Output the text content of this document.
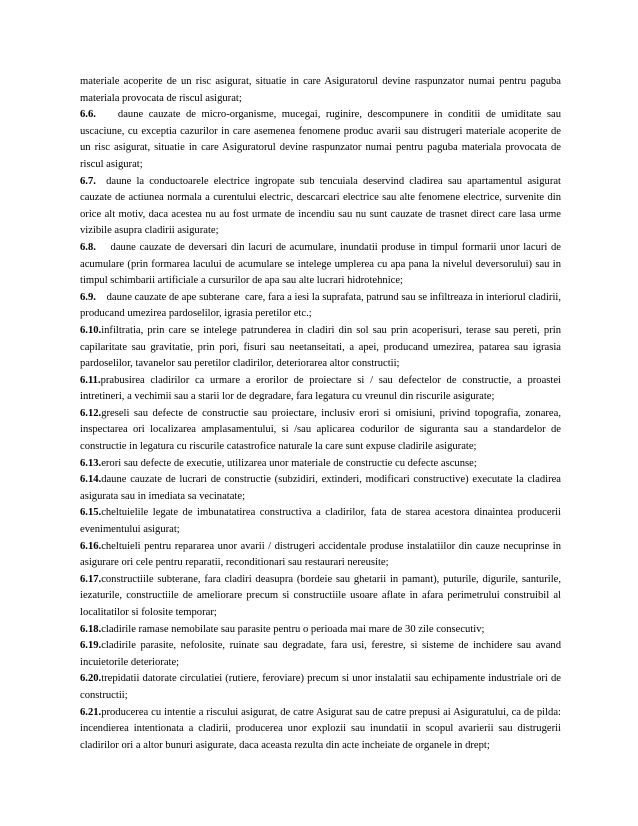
materiale acoperite de un risc asigurat, situatie in care Asiguratorul devine raspunzator numai pentru paguba materiala provocata de riscul asigurat;

6.6.    daune cauzate de micro-organisme, mucegai, ruginire, descompunere in conditii de umiditate sau uscaciune, cu exceptia cazurilor in care asemenea fenomene produc avarii sau distrugeri materiale acoperite de un risc asigurat, situatie in care Asiguratorul devine raspunzator numai pentru paguba materiala provocata de riscul asigurat;

6.7.  daune la conductoarele electrice ingropate sub tencuiala deservind cladirea sau apartamentul asigurat cauzate de actiunea normala a curentului electric, descarcari electrice sau alte fenomene electrice, survenite din orice alt motiv, daca acestea nu au fost urmate de incendiu sau nu sunt cauzate de trasnet direct care lasa urme vizibile asupra cladirii asigurate;

6.8.    daune cauzate de deversari din lacuri de acumulare, inundatii produse in timpul formarii unor lacuri de acumulare (prin formarea lacului de acumulare se intelege umplerea cu apa pana la nivelul deversorului) sau in timpul schimbarii artificiale a cursurilor de apa sau alte lucrari hidrotehnice;

6.9.    daune cauzate de ape subterane  care, fara a iesi la suprafata, patrund sau se infiltreaza in interiorul cladirii, producand umezirea pardoselilor, igrasia peretilor etc.;

6.10.infiltratia, prin care se intelege patrunderea in cladiri din sol sau prin acoperisuri, terase sau pereti, prin capilaritate sau gravitatie, prin pori, fisuri sau neetanseitati, a apei, producand umezirea, patarea sau igrasia pardoselilor, tavanelor sau peretilor cladirilor, deteriorarea altor constructii;

6.11.prabusirea cladirilor ca urmare a erorilor de proiectare si / sau defectelor de constructie, a proastei intretineri, a vechimii sau a starii lor de degradare, fara legatura cu vreunul din riscurile asigurate;

6.12.greseli sau defecte de constructie sau proiectare, inclusiv erori si omisiuni, privind topografia, zonarea, inspectarea ori localizarea amplasamentului, si /sau aplicarea codurilor de siguranta sau a standardelor de constructie in legatura cu riscurile catastrofice naturale la care sunt expuse cladirile asigurate;

6.13.erori sau defecte de executie, utilizarea unor materiale de constructie cu defecte ascunse;

6.14.daune cauzate de lucrari de constructie (subzidiri, extinderi, modificari constructive) executate la cladirea asigurata sau in imediata sa vecinatate;

6.15.cheltuielile legate de imbunatatirea constructiva a cladirilor, fata de starea acestora dinaintea producerii evenimentului asigurat;

6.16.cheltuieli pentru repararea unor avarii / distrugeri accidentale produse instalatiilor din cauze necuprinse in asigurare ori cele pentru reparatii, reconditionari sau restaurari nereusite;

6.17.constructiile subterane, fara cladiri deasupra (bordeie sau ghetarii in pamant), puturile, digurile, santurile, iezaturile, constructiile de ameliorare precum si constructiile usoare aflate in afara perimetrului construibil al localitatilor si folosite temporar;

6.18.cladirile ramase nemobilate sau parasite pentru o perioada mai mare de 30 zile consecutiv;

6.19.cladirile parasite, nefolosite, ruinate sau degradate, fara usi, ferestre, si sisteme de inchidere sau avand incuietorile deteriorate;

6.20.trepidatii datorate circulatiei (rutiere, feroviare) precum si unor instalatii sau echipamente industriale ori de constructii;

6.21.producerea cu intentie a riscului asigurat, de catre Asigurat sau de catre prepusi ai Asiguratului, ca de pilda: incendierea intentionata a cladirii, producerea unor explozii sau inundatii in scopul avarierii sau distrugerii cladirilor ori a altor bunuri asigurate, daca aceasta rezulta din acte incheiate de organele in drept;
